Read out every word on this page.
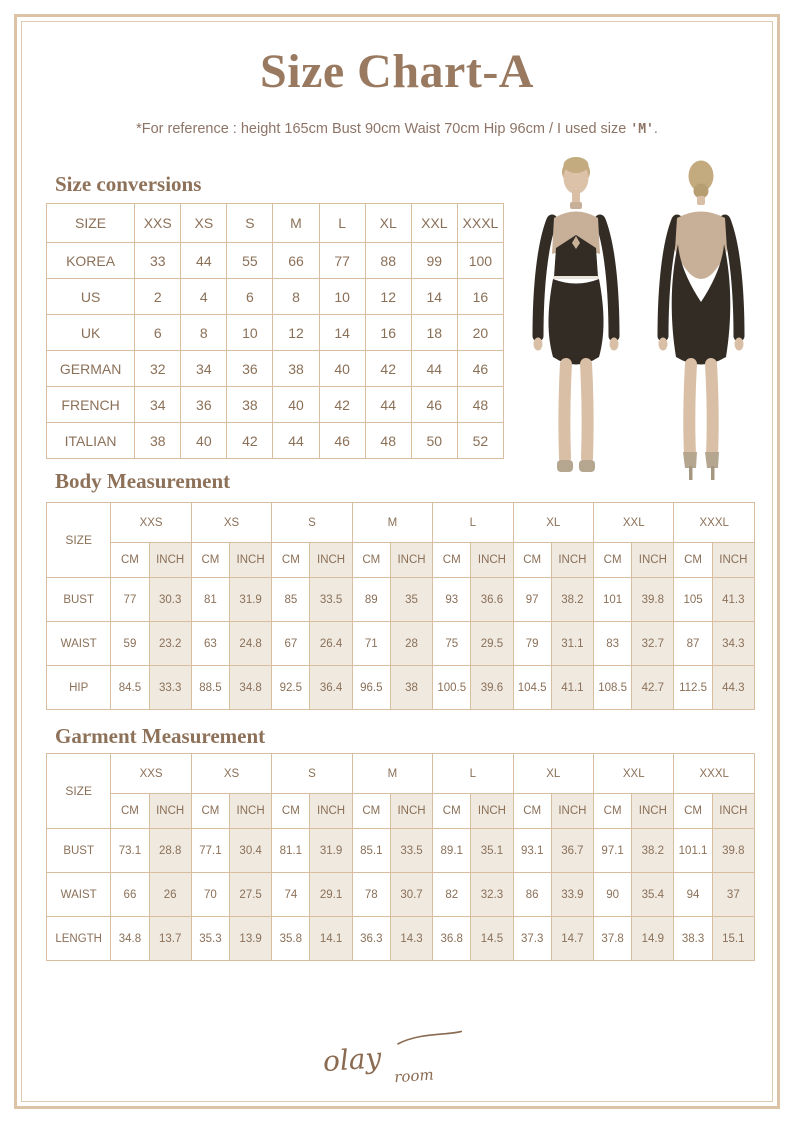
Size Chart-A

*For reference : height 165cm Bust 90cm Waist 70cm Hip 96cm / I used size 'M'.

Size conversions
SIZE	XXS	XS	S	M	L	XL	XXL	XXXL
KOREA	33	44	55	66	77	88	99	100
US	2	4	6	8	10	12	14	16
UK	6	8	10	12	14	16	18	20
GERMAN	32	34	36	38	40	42	44	46
FRENCH	34	36	38	40	42	44	46	48
ITALIAN	38	40	42	44	46	48	50	52
Body Measurement
SIZE	XXS		XS		S		M		L		XL		XXL		XXXL	
	CM	INCH	CM	INCH	CM	INCH	CM	INCH	CM	INCH	CM	INCH	CM	INCH	CM	INCH
BUST	77	30.3	81	31.9	85	33.5	89	35	93	36.6	97	38.2	101	39.8	105	41.3
WAIST	59	23.2	63	24.8	67	26.4	71	28	75	29.5	79	31.1	83	32.7	87	34.3
HIP	84.5	33.3	88.5	34.8	92.5	36.4	96.5	38	100.5	39.6	104.5	41.1	108.5	42.7	112.5	44.3
Garment Measurement
SIZE	XXS		XS		S		M		L		XL		XXL		XXXL	
	CM	INCH	CM	INCH	CM	INCH	CM	INCH	CM	INCH	CM	INCH	CM	INCH	CM	INCH
BUST	73.1	28.8	77.1	30.4	81.1	31.9	85.1	33.5	89.1	35.1	93.1	36.7	97.1	38.2	101.1	39.8
WAIST	66	26	70	27.5	74	29.1	78	30.7	82	32.3	86	33.9	90	35.4	94	37
LENGTH	34.8	13.7	35.3	13.9	35.8	14.1	36.3	14.3	36.8	14.5	37.3	14.7	37.8	14.9	38.3	15.1
olay room
